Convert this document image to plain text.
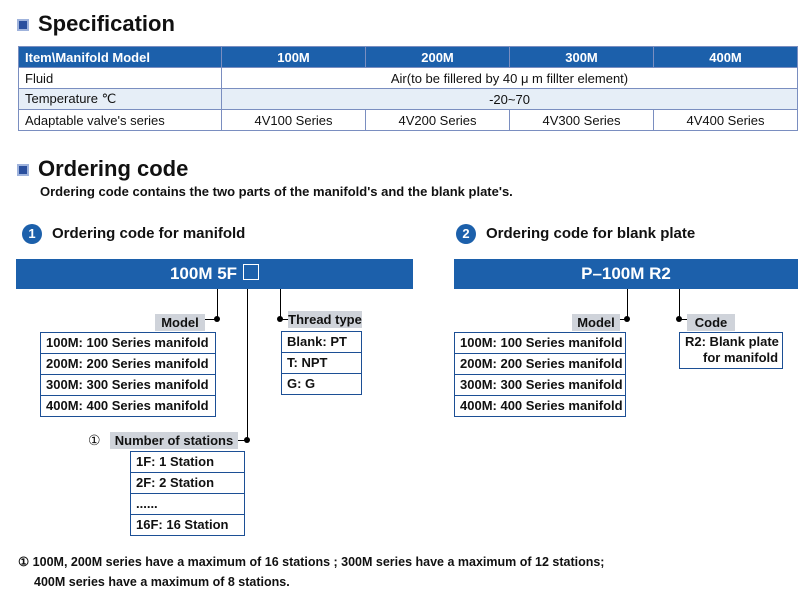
Specification
Item\Manifold Model	100M	200M	300M	400M
Fluid	Air(to be fillered by 40 μ m fillter element)			
Temperature ℃	-20~70			
Adaptable valve's series	4V100 Series	4V200 Series	4V300 Series	4V400 Series
Ordering code
Ordering code contains the two parts of the manifold's and the blank plate's.
1	Ordering code for manifold
100M 5F
Model
100M: 100 Series manifold
200M: 200 Series manifold
300M: 300 Series manifold
400M: 400 Series manifold
Thread type
Blank: PT
T: NPT
G: G
①	Number of stations
1F: 1 Station
2F: 2 Station
......
16F: 16 Station
2	Ordering code for blank plate
P–100M R2
Model
100M: 100 Series manifold
200M: 200 Series manifold
300M: 300 Series manifold
400M: 400 Series manifold
Code
R2: Blank plate
for manifold
① 100M, 200M series have a maximum of 16 stations ; 300M series have a maximum of 12 stations;
400M series have a maximum of 8 stations.
